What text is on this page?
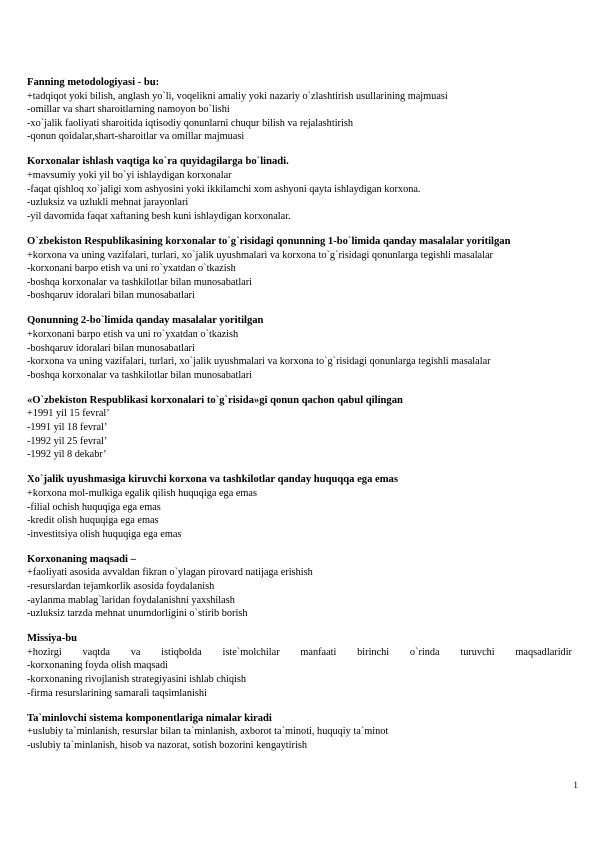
Fanning metodologiyasi - bu:
+tadqiqot yoki bilish, anglash yo`li, voqelikni amaliy yoki nazariy o`zlashtirish usullarining majmuasi
-omillar va shart sharoitlarning namoyon bo`lishi
-xo`jalik faoliyati sharoitida iqtisodiy qonunlarni chuqur bilish va rejalashtirish
-qonun qoidalar,shart-sharoitlar va omillar majmuasi
Korxonalar ishlash vaqtiga ko`ra quyidagilarga bo`linadi.
+mavsumiy yoki yil bo`yi ishlaydigan korxonalar
-faqat qishloq xo`jaligi xom ashyosini yoki ikkilamchi xom ashyoni qayta ishlaydigan korxona.
-uzluksiz va uzlukli mehnat jarayonlari
-yil davomida faqat xaftaning besh kuni ishlaydigan korxonalar.
O`zbekiston Respublikasining korxonalar to`g`risidagi qonunning 1-bo`limida qanday masalalar yoritilgan
+korxona va uning vazifalari, turlari, xo`jalik uyushmalari va korxona to`g`risidagi qonunlarga tegishli masalalar
-korxonani barpo etish va uni ro`yxatdan o`tkazish
-boshqa korxonalar va tashkilotlar bilan munosabatlari
-boshqaruv idoralari bilan munosabatlari
Qonunning 2-bo`limida qanday masalalar yoritilgan
+korxonani barpo etish va uni ro`yxatdan o`tkazish
-boshqaruv idoralari bilan munosabatlari
-korxona va uning vazifalari, turlari, xo`jalik uyushmalari va korxona to`g`risidagi qonunlarga tegishli masalalar
-boshqa korxonalar va tashkilotlar bilan munosabatlari
«O`zbekiston Respublikasi korxonalari to`g`risida»gi qonun qachon qabul qilingan
+1991 yil 15 fevral’
-1991 yil 18 fevral’
-1992 yil 25 fevral’
-1992 yil 8 dekabr’
Xo`jalik uyushmasiga kiruvchi korxona va tashkilotlar qanday huquqqa ega emas
+korxona mol-mulkiga egalik qilish huquqiga ega emas
-filial ochish huquqiga ega emas
-kredit olish huquqiga ega emas
-investitsiya olish huquqiga ega emas
Korxonaning maqsadi –
+faoliyati asosida avvaldan fikran o`ylagan pirovard natijaga erishish
-resurslardan tejamkorlik asosida foydalanish
-aylanma mablag`laridan foydalanishni yaxshilash
-uzluksiz tarzda mehnat unumdorligini o`stirib borish
Missiya-bu
+hozirgi vaqtda va istiqbolda iste`molchilar manfaati birinchi o`rinda turuvchi maqsadlaridir
-korxonaning foyda olish maqsadi
-korxonaning rivojlanish strategiyasini ishlab chiqish
-firma resurslarining samarali taqsimlanishi
Ta`minlovchi sistema komponentlariga nimalar kiradi
+uslubiy ta`minlanish, resurslar bilan ta`minlanish, axborot ta`minoti, huquqiy ta`minot
-uslubiy ta`minlanish, hisob va nazorat, sotish bozorini kengaytirish
1
